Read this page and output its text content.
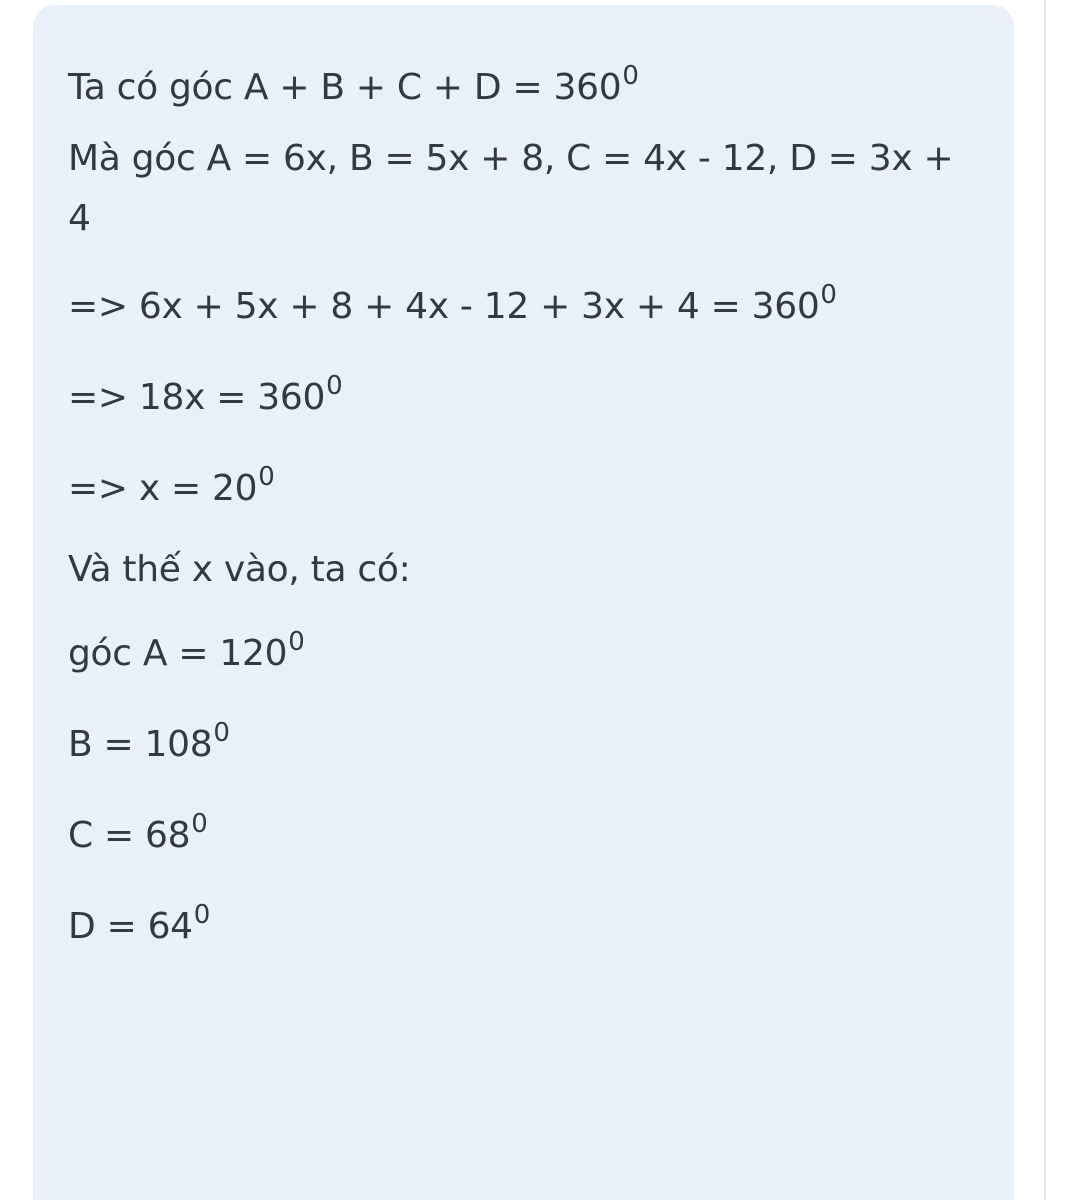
Ta có góc $A + B + C + D = 360^0$
Mà góc A = 6x, B = 5x + 8, C = 4x - 12, D = 3x + 4
=> $6x + 5x + 8 + 4x - 12 + 3x + 4 = 360^0$
=> $18x = 360^0$
=> $x = 20^0$
Và thế x vào, ta có:
góc $A = 120^0$
$B = 108^0$
$C = 68^0$
$D = 64^0$
